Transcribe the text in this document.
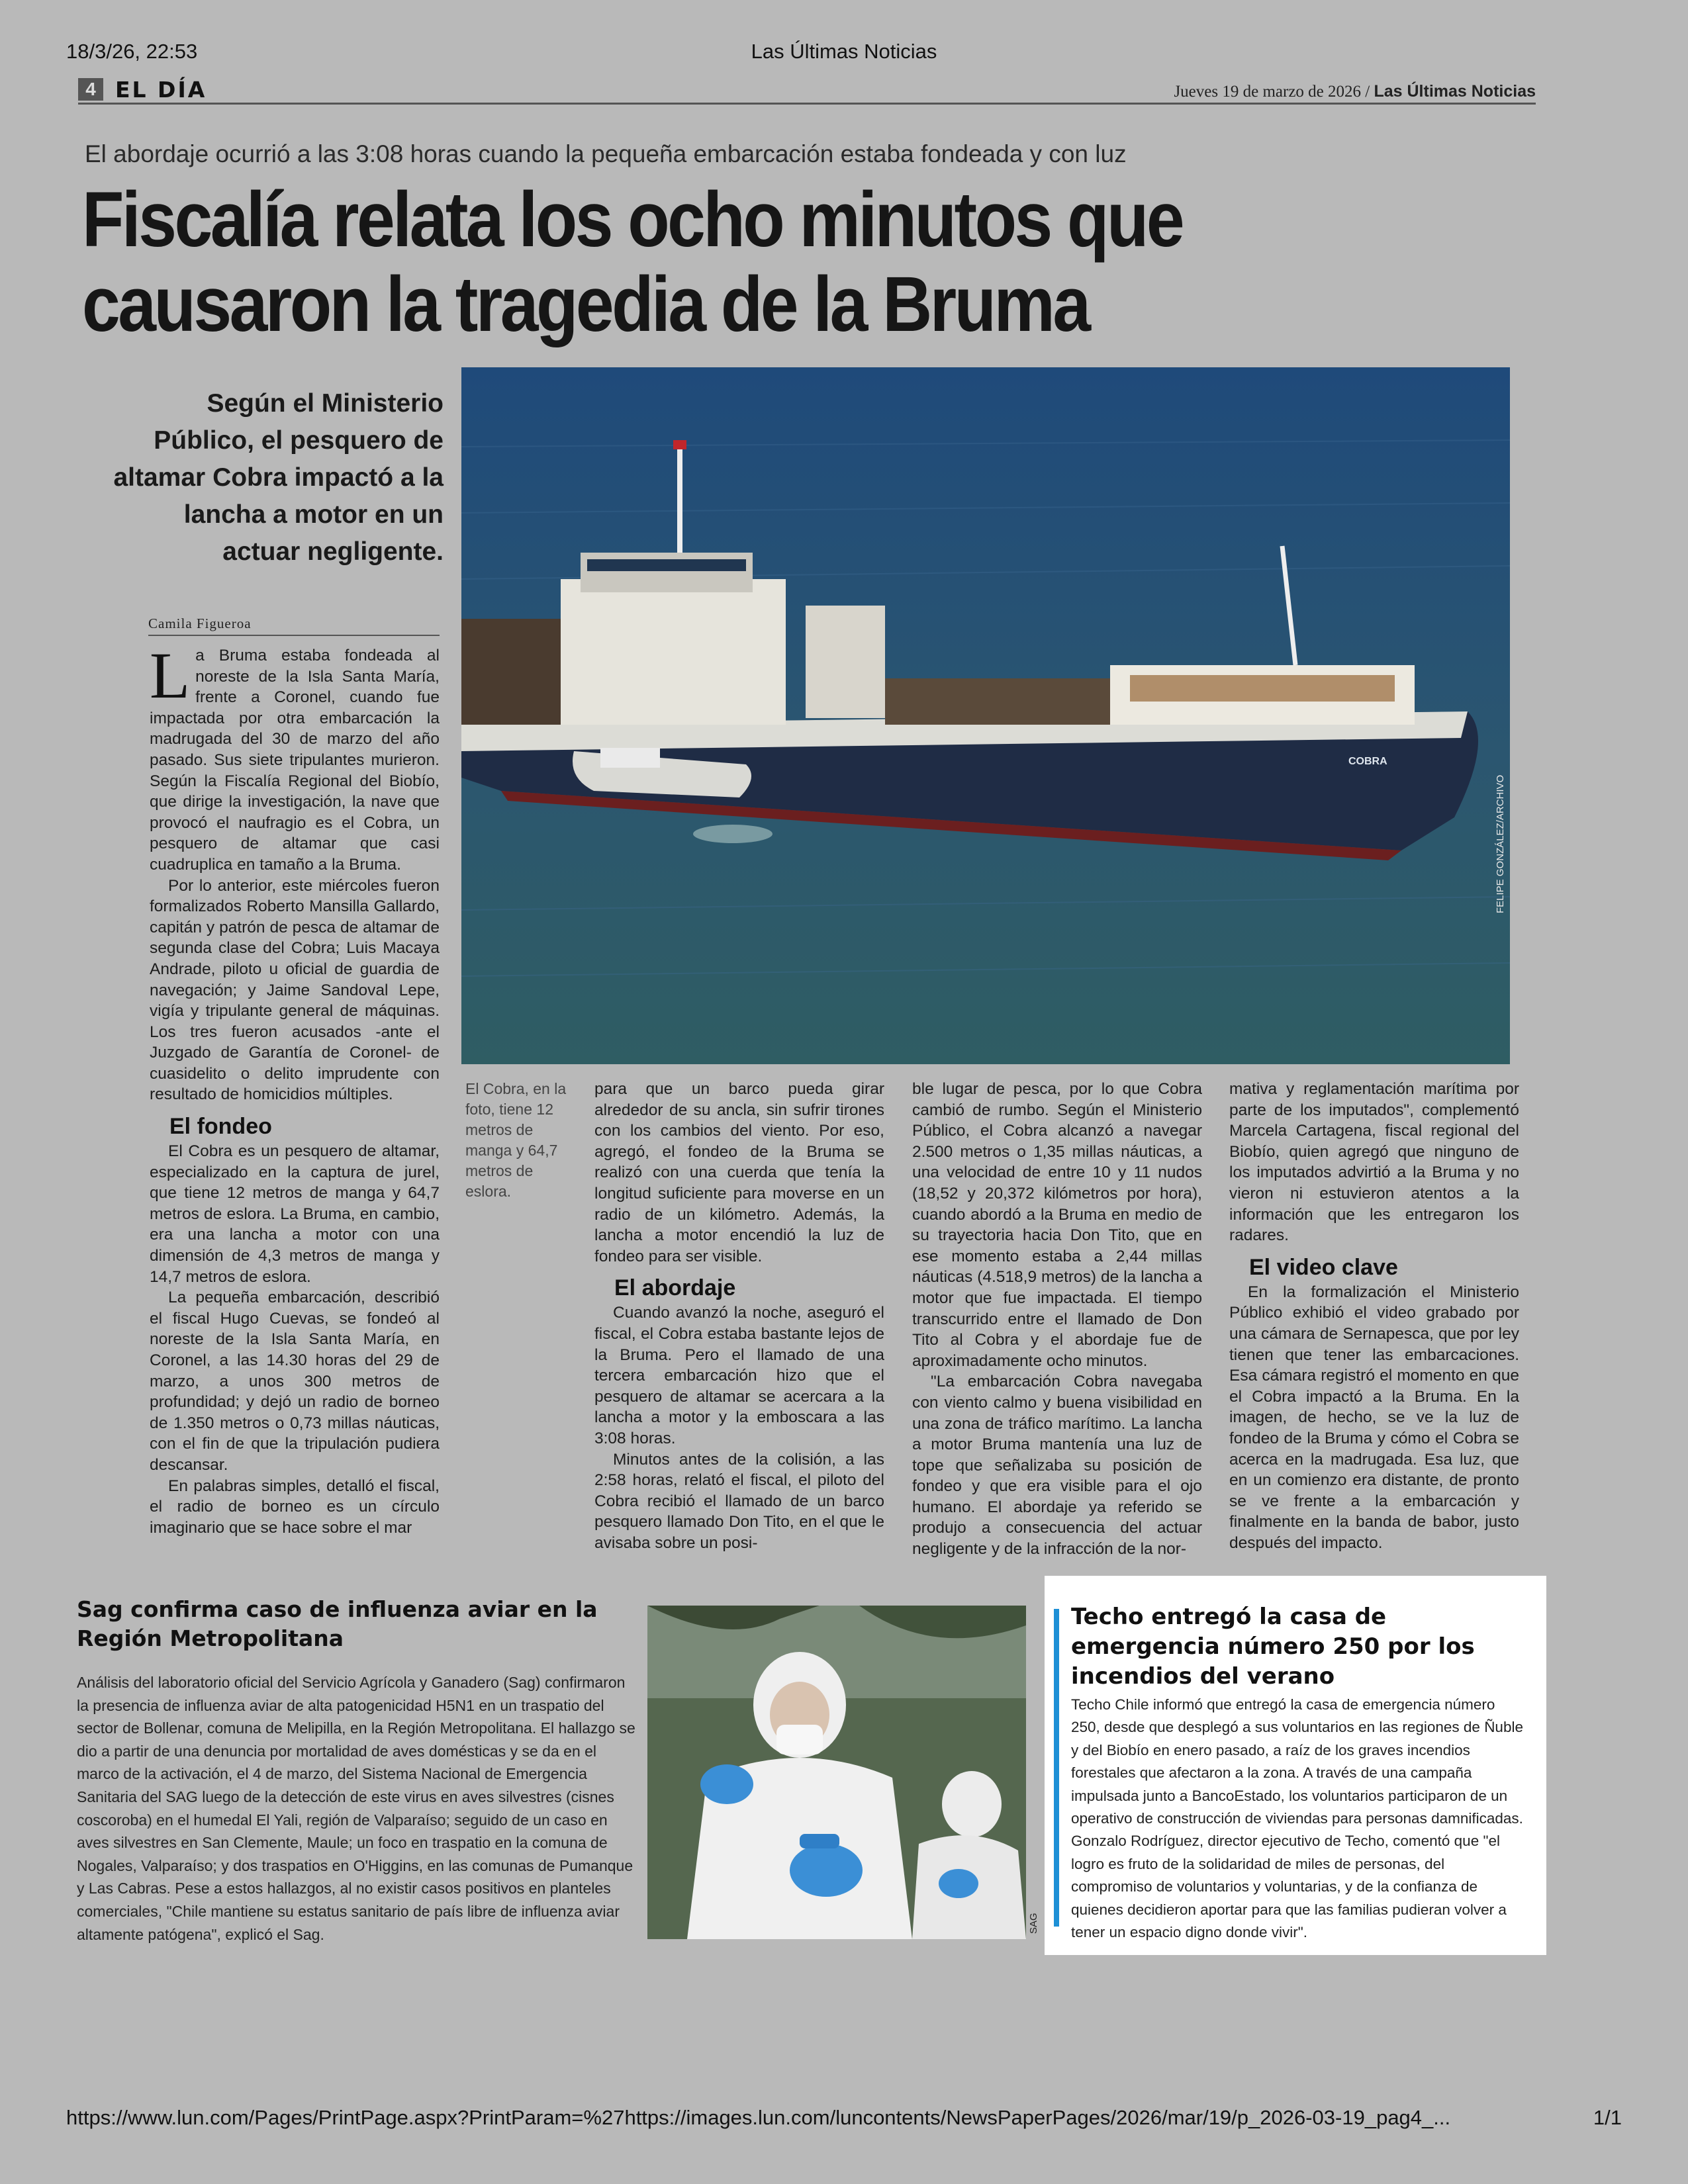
18/3/26, 22:53	Las Últimas Noticias
4 EL DÍA	Jueves 19 de marzo de 2026 / Las Últimas Noticias
El abordaje ocurrió a las 3:08 horas cuando la pequeña embarcación estaba fondeada y con luz
Fiscalía relata los ocho minutos que
causaron la tragedia de la Bruma
Según el Ministerio Público, el pesquero de altamar Cobra impactó a la lancha a motor en un actuar negligente.
Camila Figueroa
COBRA
FELIPE GONZÁLEZ/ARCHIVO
El Cobra, en la foto, tiene 12 metros de manga y 64,7 metros de eslora.
L a Bruma estaba fondeada al noreste de la Isla Santa María, frente a Coronel, cuando fue impactada por otra embarcación la madrugada del 30 de marzo del año pasado. Sus siete tripulantes murieron. Según la Fiscalía Regional del Biobío, que dirige la investigación, la nave que provocó el naufragio es el Cobra, un pesquero de altamar que casi cuadruplica en tamaño a la Bruma.

Por lo anterior, este miércoles fueron formalizados Roberto Mansilla Gallardo, capitán y patrón de pesca de altamar de segunda clase del Cobra; Luis Macaya Andrade, piloto u oficial de guardia de navegación; y Jaime Sandoval Lepe, vigía y tripulante general de máquinas. Los tres fueron acusados -ante el Juzgado de Garantía de Coronel- de cuasidelito o delito imprudente con resultado de homicidios múltiples.

El fondeo

El Cobra es un pesquero de altamar, especializado en la captura de jurel, que tiene 12 metros de manga y 64,7 metros de eslora. La Bruma, en cambio, era una lancha a motor con una dimensión de 4,3 metros de manga y 14,7 metros de eslora.

La pequeña embarcación, describió el fiscal Hugo Cuevas, se fondeó al noreste de la Isla Santa María, en Coronel, a las 14.30 horas del 29 de marzo, a unos 300 metros de profundidad; y dejó un radio de borneo de 1.350 metros o 0,73 millas náuticas, con el fin de que la tripulación pudiera descansar.

En palabras simples, detalló el fiscal, el radio de borneo es un círculo imaginario que se hace sobre el mar

para que un barco pueda girar alrededor de su ancla, sin sufrir tirones con los cambios del viento. Por eso, agregó, el fondeo de la Bruma se realizó con una cuerda que tenía la longitud suficiente para moverse en un radio de un kilómetro. Además, la lancha a motor encendió la luz de fondeo para ser visible.

El abordaje

Cuando avanzó la noche, aseguró el fiscal, el Cobra estaba bastante lejos de la Bruma. Pero el llamado de una tercera embarcación hizo que el pesquero de altamar se acercara a la lancha a motor y la emboscara a las 3:08 horas.

Minutos antes de la colisión, a las 2:58 horas, relató el fiscal, el piloto del Cobra recibió el llamado de un barco pesquero llamado Don Tito, en el que le avisaba sobre un posi-

ble lugar de pesca, por lo que Cobra cambió de rumbo. Según el Ministerio Público, el Cobra alcanzó a navegar 2.500 metros o 1,35 millas náuticas, a una velocidad de entre 10 y 11 nudos (18,52 y 20,372 kilómetros por hora), cuando abordó a la Bruma en medio de su trayectoria hacia Don Tito, que en ese momento estaba a 2,44 millas náuticas (4.518,9 metros) de la lancha a motor que fue impactada. El tiempo transcurrido entre el llamado de Don Tito al Cobra y el abordaje fue de aproximadamente ocho minutos.

"La embarcación Cobra navegaba con viento calmo y buena visibilidad en una zona de tráfico marítimo. La lancha a motor Bruma mantenía una luz de tope que señalizaba su posición de fondeo y que era visible para el ojo humano. El abordaje ya referido se produjo a consecuencia del actuar negligente y de la infracción de la nor-

mativa y reglamentación marítima por parte de los imputados", complementó Marcela Cartagena, fiscal regional del Biobío, quien agregó que ninguno de los imputados advirtió a la Bruma y no vieron ni estuvieron atentos a la información que les entregaron los radares.

El video clave

En la formalización el Ministerio Público exhibió el video grabado por una cámara de Sernapesca, que por ley tienen que tener las embarcaciones. Esa cámara registró el momento en que el Cobra impactó a la Bruma. En la imagen, de hecho, se ve la luz de fondeo de la Bruma y cómo el Cobra se acerca en la madrugada. Esa luz, que en un comienzo era distante, de pronto se ve frente a la embarcación y finalmente en la banda de babor, justo después del impacto.

Sag confirma caso de influenza aviar en la Región Metropolitana
Análisis del laboratorio oficial del Servicio Agrícola y Ganadero (Sag) confirmaron la presencia de influenza aviar de alta patogenicidad H5N1 en un traspatio del sector de Bollenar, comuna de Melipilla, en la Región Metropolitana. El hallazgo se dio a partir de una denuncia por mortalidad de aves domésticas y se da en el marco de la activación, el 4 de marzo, del Sistema Nacional de Emergencia Sanitaria del SAG luego de la detección de este virus en aves silvestres (cisnes coscoroba) en el humedal El Yali, región de Valparaíso; seguido de un caso en aves silvestres en San Clemente, Maule; un foco en traspatio en la comuna de Nogales, Valparaíso; y dos traspatios en O'Higgins, en las comunas de Pumanque y Las Cabras. Pese a estos hallazgos, al no existir casos positivos en planteles comerciales, "Chile mantiene su estatus sanitario de país libre de influenza aviar altamente patógena", explicó el Sag.
SAG
Techo entregó la casa de emergencia número 250 por los incendios del verano
Techo Chile informó que entregó la casa de emergencia número 250, desde que desplegó a sus voluntarios en las regiones de Ñuble y del Biobío en enero pasado, a raíz de los graves incendios forestales que afectaron a la zona. A través de una campaña impulsada junto a BancoEstado, los voluntarios participaron de un operativo de construcción de viviendas para personas damnificadas. Gonzalo Rodríguez, director ejecutivo de Techo, comentó que "el logro es fruto de la solidaridad de miles de personas, del compromiso de voluntarios y voluntarias, y de la confianza de quienes decidieron aportar para que las familias pudieran volver a tener un espacio digno donde vivir".
https://www.lun.com/Pages/PrintPage.aspx?PrintParam=%27https://images.lun.com/luncontents/NewsPaperPages/2026/mar/19/p_2026-03-19_pag4_...	1/1
